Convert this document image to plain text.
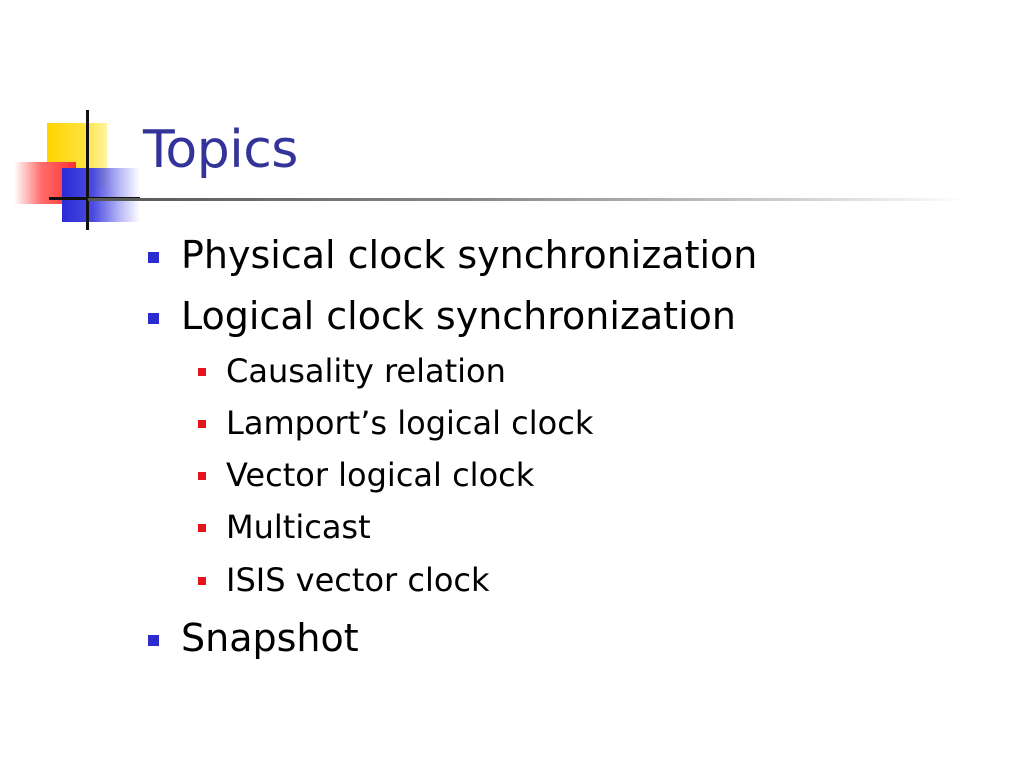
Topics
Physical clock synchronization
Logical clock synchronization
Causality relation
Lamport’s logical clock
Vector logical clock
Multicast
ISIS vector clock
Snapshot
